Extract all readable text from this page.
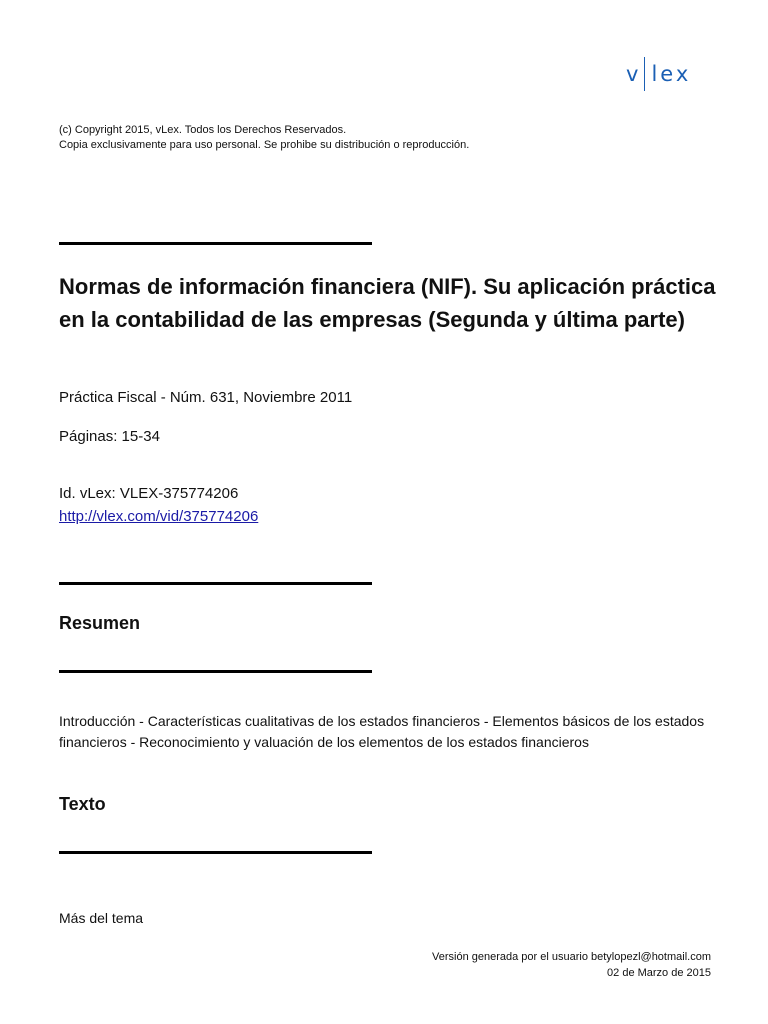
v lex
(c) Copyright 2015, vLex. Todos los Derechos Reservados.
Copia exclusivamente para uso personal. Se prohibe su distribución o reproducción.
Normas de información financiera (NIF). Su aplicación práctica en la contabilidad de las empresas (Segunda y última parte)
Práctica Fiscal - Núm. 631, Noviembre 2011
Páginas: 15-34
Id. vLex: VLEX-375774206
http://vlex.com/vid/375774206
Resumen
Introducción - Características cualitativas de los estados financieros - Elementos básicos de los estados financieros - Reconocimiento y valuación de los elementos de los estados financieros
Texto
Más del tema
Versión generada por el usuario betylopezl@hotmail.com
02 de Marzo de 2015
